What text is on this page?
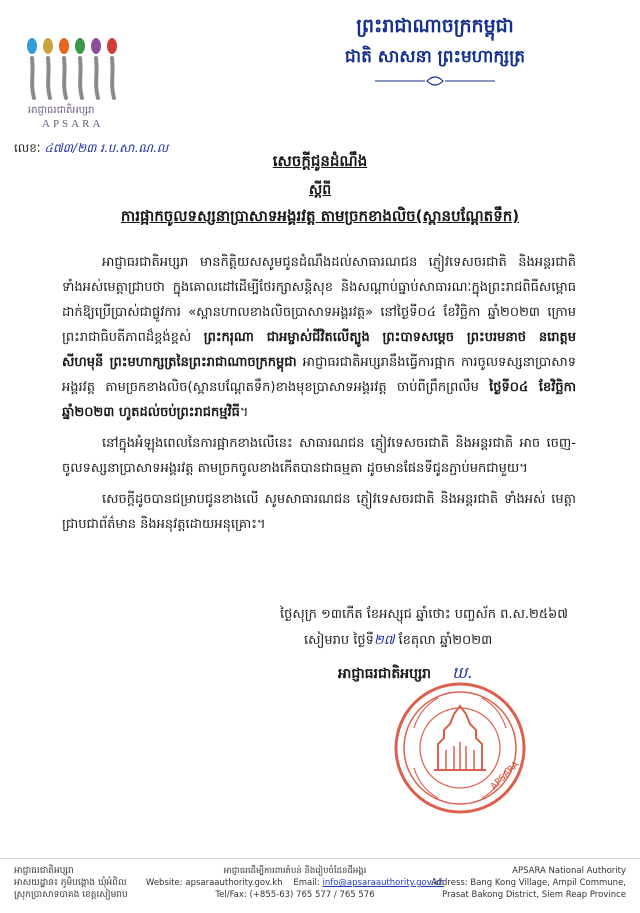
អាជ្ញាធរជាតិអប្សរា
APSARA
ព្រះរាជាណាចក្រកម្ពុជា
ជាតិ សាសនា ព្រះមហាក្សត្រ
លេខៈ ៤៧៣/២៣ រ.ប.សា.ណ.ល
សេចក្តីជូនដំណឹង
ស្តីពី
ការផ្អាកចូលទស្សនាប្រាសាទអង្គរវត្ត តាមច្រកខាងលិច(ស្ពានបណ្តែតទឹក)

អាជ្ញាធរជាតិអប្សរា មានកិត្តិយសសូមជូនដំណឹងដល់សាធារណជន ភ្ញៀវទេសចរជាតិ និងអន្តរជាតិ ទាំងអស់មេត្តាជ្រាបថា ក្នុងគោលដៅដើម្បីថែរក្សាសន្តិសុខ និងសណ្តាប់ធ្នាប់សាធារណៈក្នុងព្រះរាជពិធីសម្ពោធ ដាក់ឱ្យប្រើប្រាស់ជាផ្លូវការ «ស្ពានហាលខាងលិចប្រាសាទអង្គរវត្ត» នៅថ្ងៃទី០៤ ខែវិច្ឆិកា ឆ្នាំ២០២៣ ក្រោម ព្រះរាជាធិបតីភាពដ៏ខ្ពង់ខ្ពស់ ព្រះករុណា ជាអម្ចាស់ជីវិតលើត្បូង ព្រះបាទសម្តេច ព្រះបរមនាថ នរោត្តម សីហមុនី ព្រះមហាក្សត្រនៃព្រះរាជាណាចក្រកម្ពុជា អាជ្ញាធរជាតិអប្សរានឹងធ្វើការផ្អាក ការចូលទស្សនាប្រាសាទអង្គរវត្ត តាមច្រកខាងលិច(ស្ពានបណ្តែតទឹក)ខាងមុខប្រាសាទអង្គរវត្ត ចាប់ពីព្រឹកព្រលឹម ថ្ងៃទី០៤ ខែវិច្ឆិកា ឆ្នាំ២០២៣ ហូតដល់ចប់ព្រះរាជកម្មវិធី។

នៅក្នុងអំឡុងពេលនៃការផ្អាកខាងលើនេះ សាធារណជន ភ្ញៀវទេសចរជាតិ និងអន្តរជាតិ អាច ចេញ-ចូលទស្សនាប្រាសាទអង្គរវត្ត តាមច្រកចូលខាងកើតបានជាធម្មតា ដូចមានផែនទីជូនភ្ជាប់មកជាមួយ។

សេចក្តីដូចបានជម្រាបជូនខាងលើ សូមសាធារណជន ភ្ញៀវទេសចរជាតិ និងអន្តរជាតិ ទាំងអស់ មេត្តាជ្រាបជាព័ត៌មាន និងអនុវត្តដោយអនុគ្រោះ។

ថ្ងៃសុក្រ ១៣កើត ខែអស្សុជ ឆ្នាំថោះ បញ្ចស័ក ព.ស.២៥៦៧
សៀមរាប ថ្ងៃទី២៧ ខែតុលា ឆ្នាំ២០២៣
អាជ្ញាធរជាតិអប្សរា ឃ.
APSARA
អាជ្ញាធរជាតិអប្សរា
អាសយដ្ឋាន៖ ភូមិបង្គោង ឃុំអំពិល
ស្រុកប្រាសាទបាគង ខេត្តសៀមរាប
អាជ្ញាធរដើម្បីការពារតំបន់ និងរៀបចំដែនដីអង្គរ
Website: apsaraauthority.gov.kh Email: info@apsaraauthority.gov.kh
Tel/Fax: (+855-63) 765 577 / 765 576
APSARA National Authority
Address: Bang Kong Village, Ampil Commune,
Prasat Bakong District, Siem Reap Province
